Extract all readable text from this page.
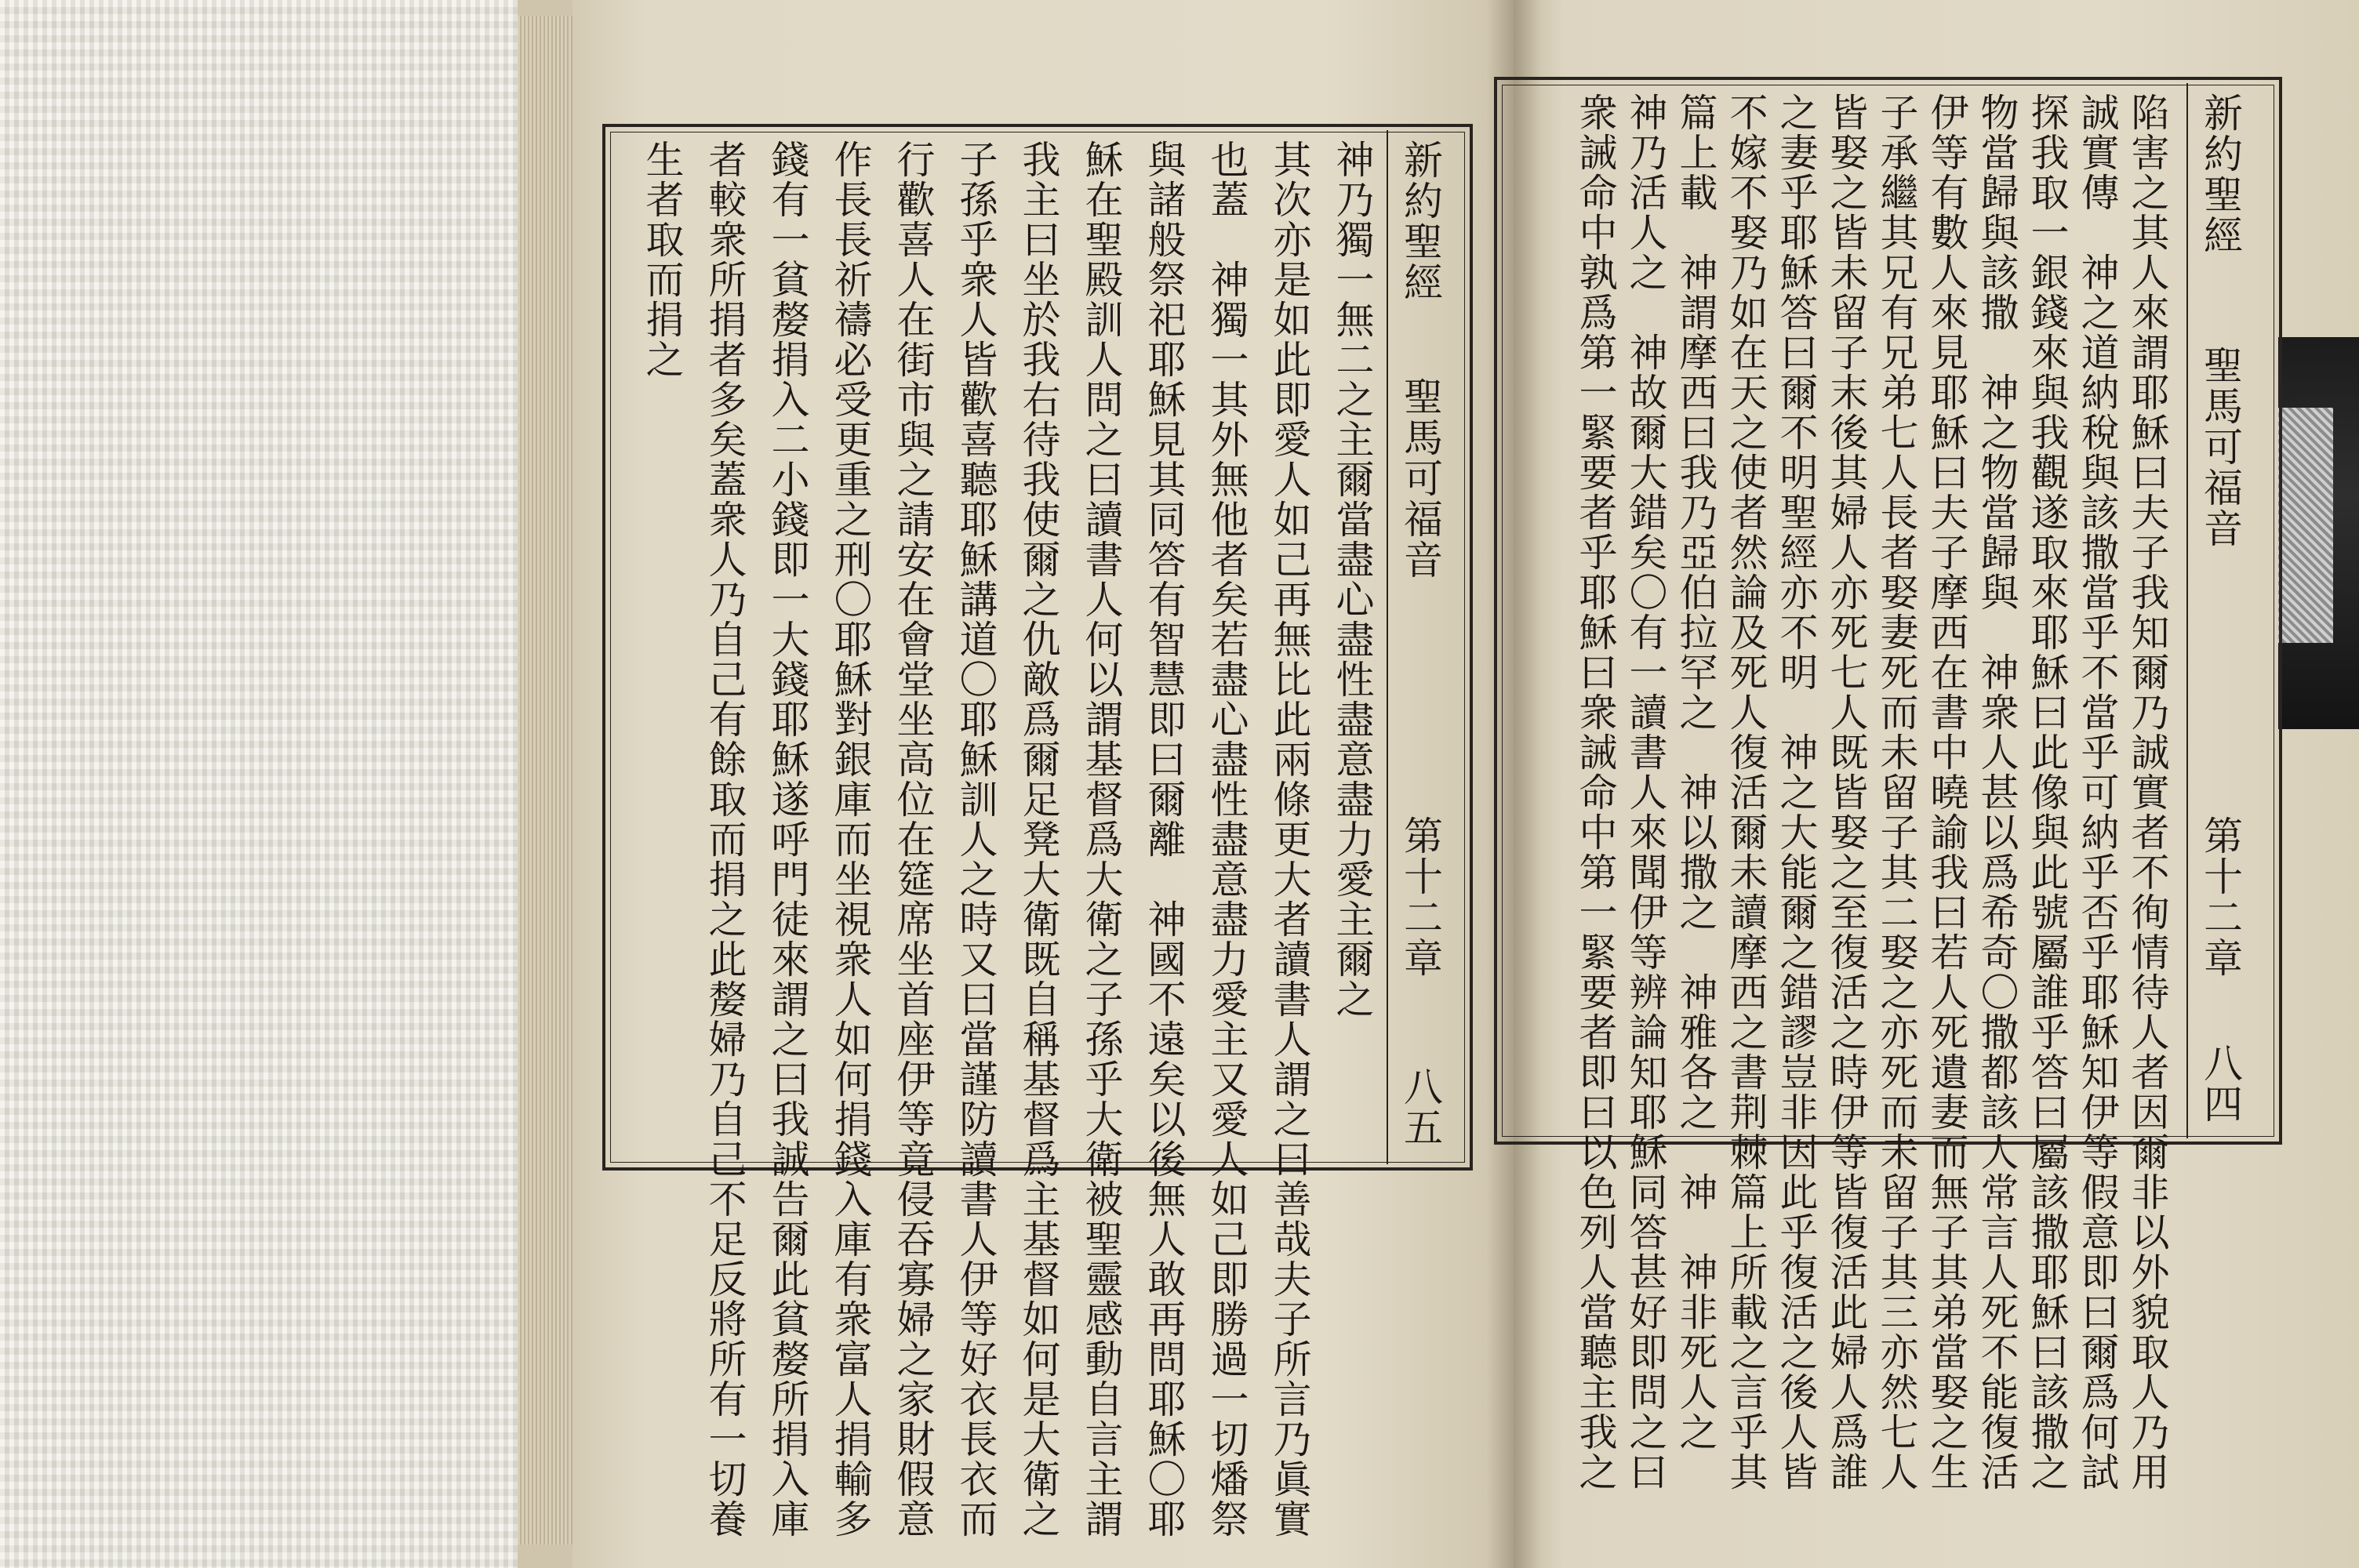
新約聖經
聖馬可福音
第十二章
八五
神乃獨一無二之主爾當盡心盡性盡意盡力愛主爾之
其次亦是如此即愛人如己再無比此兩條更大者讀書人謂之曰善哉夫子所言乃眞實
也蓋　神獨一其外無他者矣若盡心盡性盡意盡力愛主又愛人如己即勝過一切燔祭
與諸般祭祀耶穌見其同答有智慧即曰爾離　神國不遠矣以後無人敢再問耶穌〇耶
穌在聖殿訓人問之曰讀書人何以謂基督爲大衛之子孫乎大衛被聖靈感動自言主謂
我主曰坐於我右待我使爾之仇敵爲爾足凳大衛既自稱基督爲主基督如何是大衛之
子孫乎衆人皆歡喜聽耶穌講道〇耶穌訓人之時又曰當謹防讀書人伊等好衣長衣而
行歡喜人在街市與之請安在會堂坐高位在筵席坐首座伊等竟侵吞寡婦之家財假意
作長長祈禱必受更重之刑〇耶穌對銀庫而坐視衆人如何捐錢入庫有衆富人捐輸多
錢有一貧嫠捐入二小錢即一大錢耶穌遂呼門徒來謂之曰我誠告爾此貧嫠所捐入庫
者較衆所捐者多矣蓋衆人乃自己有餘取而捐之此嫠婦乃自己不足反將所有一切養
生者取而捐之	新約聖經
聖馬可福音
第十二章
八四
陷害之其人來謂耶穌曰夫子我知爾乃誠實者不徇情待人者因爾非以外貌取人乃用
誠實傳　神之道納稅與該撒當乎不當乎可納乎否乎耶穌知伊等假意即曰爾爲何試
探我取一銀錢來與我觀遂取來耶穌曰此像與此號屬誰乎答曰屬該撒耶穌曰該撒之
物當歸與該撒　神之物當歸與　神衆人甚以爲希奇〇撒都該人常言人死不能復活
伊等有數人來見耶穌曰夫子摩西在書中曉諭我曰若人死遺妻而無子其弟當娶之生
子承繼其兄有兄弟七人長者娶妻死而未留子其二娶之亦死而未留子其三亦然七人
皆娶之皆未留子末後其婦人亦死七人既皆娶之至復活之時伊等皆復活此婦人爲誰
之妻乎耶穌答曰爾不明聖經亦不明　神之大能爾之錯謬豈非因此乎復活之後人皆
不嫁不娶乃如在天之使者然論及死人復活爾未讀摩西之書荆棘篇上所載之言乎其
篇上載　神謂摩西曰我乃亞伯拉罕之　神以撒之　神雅各之　神　神非死人之
神乃活人之　神故爾大錯矣〇有一讀書人來聞伊等辨論知耶穌同答甚好即問之曰
衆誡命中孰爲第一緊要者乎耶穌曰衆誡命中第一緊要者即曰以色列人當聽主我之
